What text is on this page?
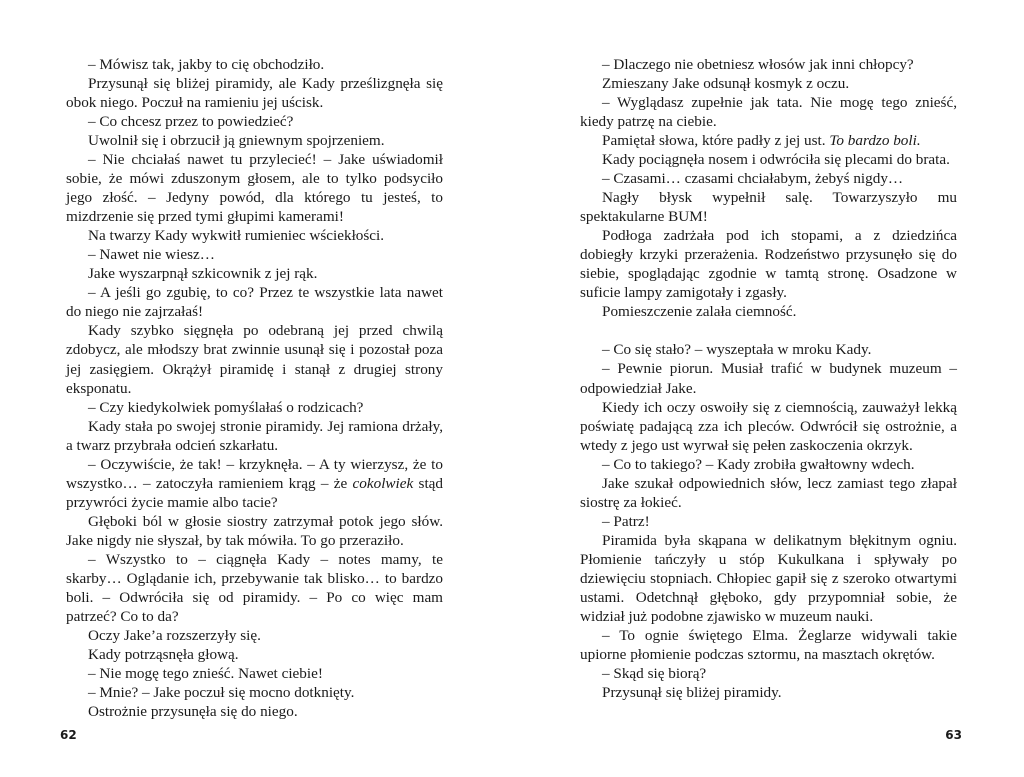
– Mówisz tak, jakby to cię obchodziło.

Przysunął się bliżej piramidy, ale Kady prześlizgnęła się obok niego. Poczuł na ramieniu jej uścisk.

– Co chcesz przez to powiedzieć?

Uwolnił się i obrzucił ją gniewnym spojrzeniem.

– Nie chciałaś nawet tu przylecieć! – Jake uświadomił sobie, że mówi zduszonym głosem, ale to tylko podsyciło jego złość. – Jedyny powód, dla którego tu jesteś, to mizdrzenie się przed tymi głupimi kamerami!

Na twarzy Kady wykwitł rumieniec wściekłości.

– Nawet nie wiesz…

Jake wyszarpnął szkicownik z jej rąk.

– A jeśli go zgubię, to co? Przez te wszystkie lata nawet do niego nie zajrzałaś!

Kady szybko sięgnęła po odebraną jej przed chwilą zdobycz, ale młodszy brat zwinnie usunął się i pozostał poza jej zasięgiem. Okrążył piramidę i stanął z drugiej strony eksponatu.

– Czy kiedykolwiek pomyślałaś o rodzicach?

Kady stała po swojej stronie piramidy. Jej ramiona drżały, a twarz przybrała odcień szkarłatu.

– Oczywiście, że tak! – krzyknęła. – A ty wierzysz, że to wszystko… – zatoczyła ramieniem krąg – że cokolwiek stąd przywróci życie mamie albo tacie?

Głęboki ból w głosie siostry zatrzymał potok jego słów. Jake nigdy nie słyszał, by tak mówiła. To go przeraziło.

– Wszystko to – ciągnęła Kady – notes mamy, te skarby… Oglądanie ich, przebywanie tak blisko… to bardzo boli. – Odwróciła się od piramidy. – Po co więc mam patrzeć? Co to da?

Oczy Jake’a rozszerzyły się.

Kady potrząsnęła głową.

– Nie mogę tego znieść. Nawet ciebie!

– Mnie? – Jake poczuł się mocno dotknięty.

Ostrożnie przysunęła się do niego.

62

– Dlaczego nie obetniesz włosów jak inni chłopcy?

Zmieszany Jake odsunął kosmyk z oczu.

– Wyglądasz zupełnie jak tata. Nie mogę tego znieść, kiedy patrzę na ciebie.

Pamiętał słowa, które padły z jej ust. To bardzo boli.

Kady pociągnęła nosem i odwróciła się plecami do brata.

– Czasami… czasami chciałabym, żebyś nigdy…

Nagły błysk wypełnił salę. Towarzyszyło mu spektakularne BUM!

Podłoga zadrżała pod ich stopami, a z dziedzińca dobiegły krzyki przerażenia. Rodzeństwo przysunęło się do siebie, spoglądając zgodnie w tamtą stronę. Osadzone w suficie lampy zamigotały i zgasły.

Pomieszczenie zalała ciemność.

– Co się stało? – wyszeptała w mroku Kady.

– Pewnie piorun. Musiał trafić w budynek muzeum – odpowiedział Jake.

Kiedy ich oczy oswoiły się z ciemnością, zauważył lekką poświatę padającą zza ich pleców. Odwrócił się ostrożnie, a wtedy z jego ust wyrwał się pełen zaskoczenia okrzyk.

– Co to takiego? – Kady zrobiła gwałtowny wdech.

Jake szukał odpowiednich słów, lecz zamiast tego złapał siostrę za łokieć.

– Patrz!

Piramida była skąpana w delikatnym błękitnym ogniu. Płomienie tańczyły u stóp Kukulkana i spływały po dziewięciu stopniach. Chłopiec gapił się z szeroko otwartymi ustami. Odetchnął głęboko, gdy przypomniał sobie, że widział już podobne zjawisko w muzeum nauki.

– To ognie świętego Elma. Żeglarze widywali takie upiorne płomienie podczas sztormu, na masztach okrętów.

– Skąd się biorą?

Przysunął się bliżej piramidy.

63
